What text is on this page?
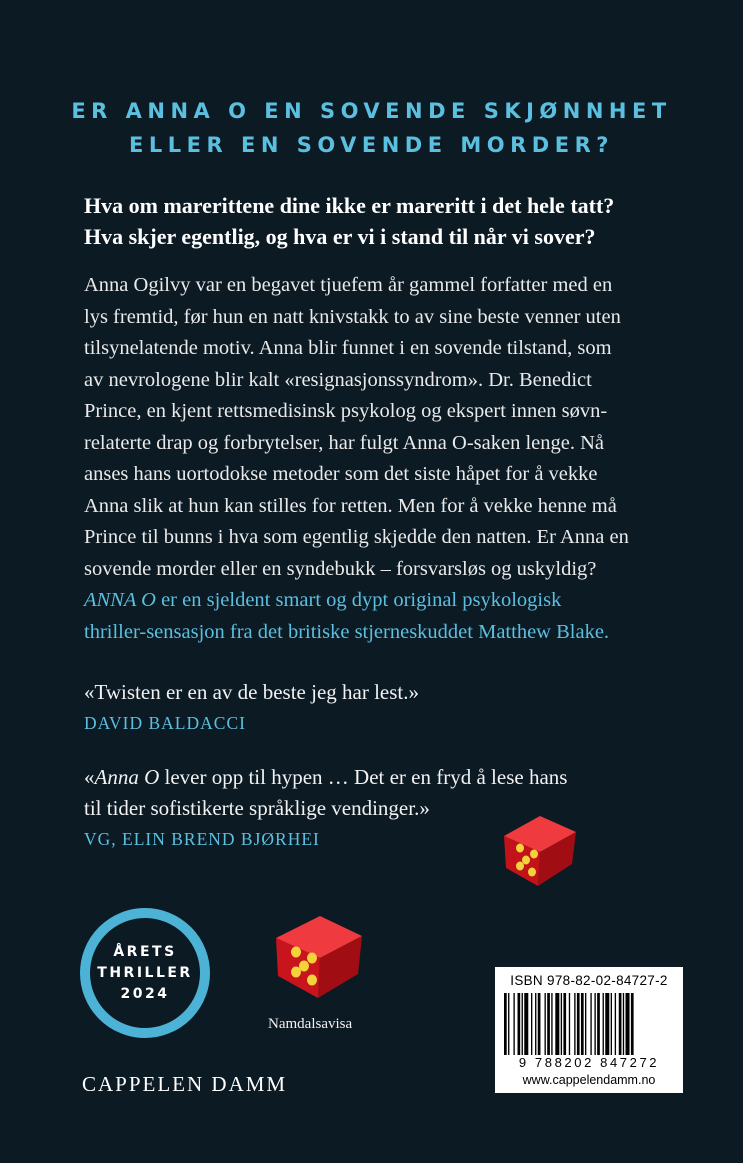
ER ANNA O EN SOVENDE SKJØNNHET
ELLER EN SOVENDE MORDER?
Hva om marerittene dine ikke er mareritt i det hele tatt?
Hva skjer egentlig, og hva er vi i stand til når vi sover?
Anna Ogilvy var en begavet tjuefem år gammel forfatter med en
lys fremtid, før hun en natt knivstakk to av sine beste venner uten
tilsynelatende motiv. Anna blir funnet i en sovende tilstand, som
av nevrologene blir kalt «resignasjonssyndrom». Dr. Benedict
Prince, en kjent rettsmedisinsk psykolog og ekspert innen søvn-
relaterte drap og forbrytelser, har fulgt Anna O-saken lenge. Nå
anses hans uortodokse metoder som det siste håpet for å vekke
Anna slik at hun kan stilles for retten. Men for å vekke henne må
Prince til bunns i hva som egentlig skjedde den natten. Er Anna en
sovende morder eller en syndebukk – forsvarsløs og uskyldig?
ANNA O er en sjeldent smart og dypt original psykologisk
thriller-sensasjon fra det britiske stjerneskuddet Matthew Blake.
«Twisten er en av de beste jeg har lest.»
DAVID BALDACCI
«Anna O lever opp til hypen … Det er en fryd å lese hans
til tider sofistikerte språklige vendinger.»
VG, ELIN BREND BJØRHEI
ÅRETS
THRILLER
2024
Namdalsavisa
CAPPELEN DAMM
ISBN 978-82-02-84727-2
9 788202 847272
www.cappelendamm.no
